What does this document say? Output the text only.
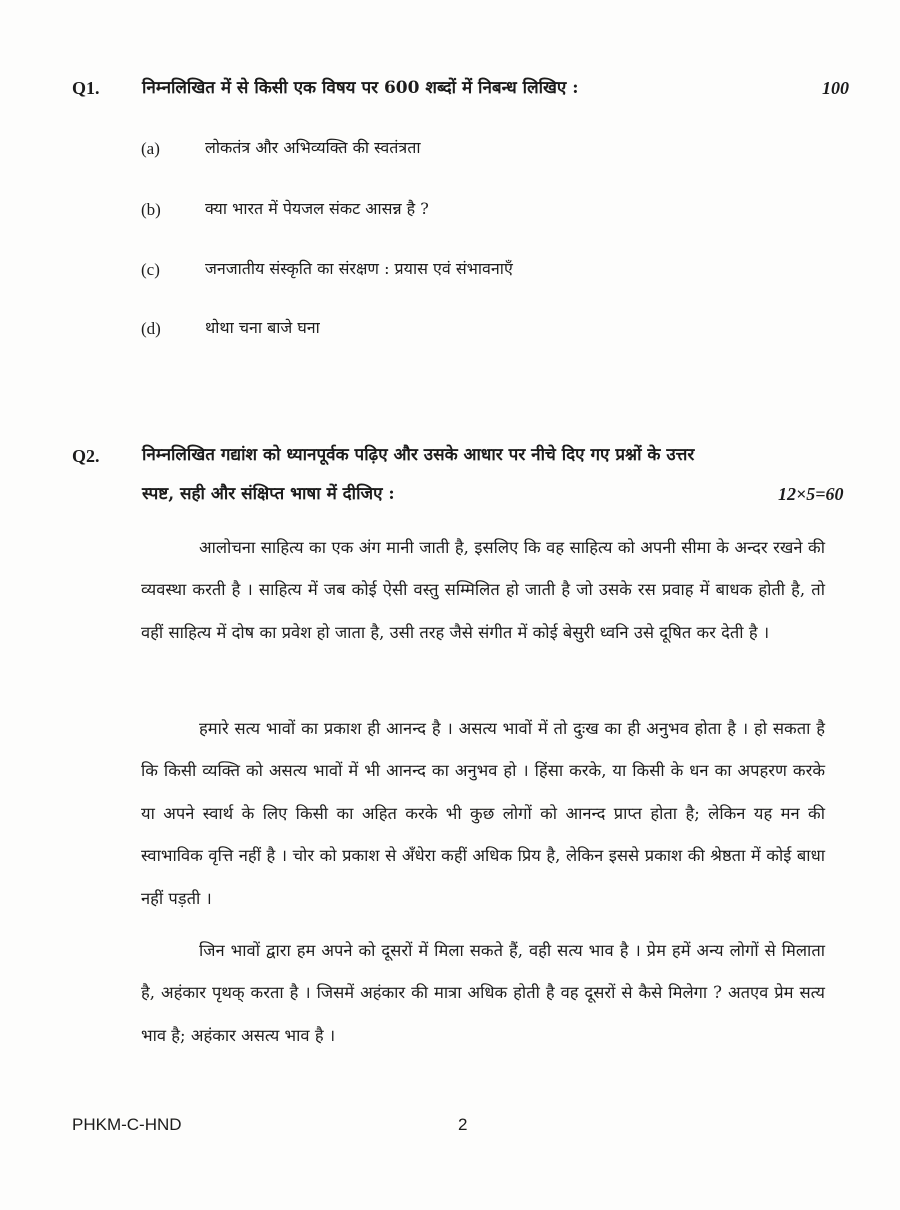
Q1. निम्नलिखित में से किसी एक विषय पर 600 शब्दों में निबन्ध लिखिए :	100
(a)	लोकतंत्र और अभिव्यक्ति की स्वतंत्रता
(b)	क्या भारत में पेयजल संकट आसन्न है ?
(c)	जनजातीय संस्कृति का संरक्षण : प्रयास एवं संभावनाएँ
(d)	थोथा चना बाजे घना
Q2. निम्नलिखित गद्यांश को ध्यानपूर्वक पढ़िए और उसके आधार पर नीचे दिए गए प्रश्नों के उत्तर
स्पष्ट, सही और संक्षिप्त भाषा में दीजिए :	12×5=60

आलोचना साहित्य का एक अंग मानी जाती है, इसलिए कि वह साहित्य को अपनी सीमा के अन्दर रखने की व्यवस्था करती है । साहित्य में जब कोई ऐसी वस्तु सम्मिलित हो जाती है जो उसके रस प्रवाह में बाधक होती है, तो वहीं साहित्य में दोष का प्रवेश हो जाता है, उसी तरह जैसे संगीत में कोई बेसुरी ध्वनि उसे दूषित कर देती है ।

हमारे सत्य भावों का प्रकाश ही आनन्द है । असत्य भावों में तो दुःख का ही अनुभव होता है । हो सकता है कि किसी व्यक्ति को असत्य भावों में भी आनन्द का अनुभव हो । हिंसा करके, या किसी के धन का अपहरण करके या अपने स्वार्थ के लिए किसी का अहित करके भी कुछ लोगों को आनन्द प्राप्त होता है; लेकिन यह मन की स्वाभाविक वृत्ति नहीं है । चोर को प्रकाश से अँधेरा कहीं अधिक प्रिय है, लेकिन इससे प्रकाश की श्रेष्ठता में कोई बाधा नहीं पड़ती ।

जिन भावों द्वारा हम अपने को दूसरों में मिला सकते हैं, वही सत्य भाव है । प्रेम हमें अन्य लोगों से मिलाता है, अहंकार पृथक् करता है । जिसमें अहंकार की मात्रा अधिक होती है वह दूसरों से कैसे मिलेगा ? अतएव प्रेम सत्य भाव है; अहंकार असत्य भाव है ।

PHKM-C-HND	2
